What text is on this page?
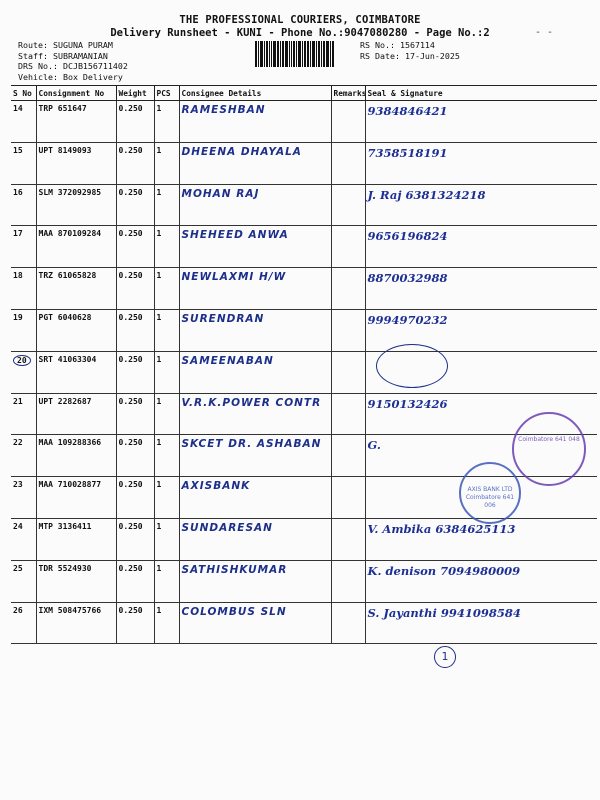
THE PROFESSIONAL COURIERS, COIMBATORE
Delivery Runsheet - KUNI - Phone No.:9047080280 - Page No.:2	- -
Route: SUGUNA PURAM
Staff: SUBRAMANIAN
DRS No.: DCJB156711402
Vehicle: Box Delivery
RS No.: 1567114
RS Date: 17-Jun-2025
S No	Consignment No	Weight	PCS	Consignee Details	Remarks	Seal & Signature
14	TRP 651647	0.250	1	RAMESHBAN		9384846421
15	UPT 8149093	0.250	1	DHEENA DHAYALA		7358518191
16	SLM 372092985	0.250	1	MOHAN RAJ		J. Raj 6381324218
17	MAA 870109284	0.250	1	SHEHEED ANWA		9656196824
18	TRZ 61065828	0.250	1	NEWLAXMI H/W		8870032988
19	PGT 6040628	0.250	1	SURENDRAN		9994970232
20	SRT 41063304	0.250	1	SAMEENABAN		

21	UPT 2282687	0.250	1	V.R.K.POWER CONTR		9150132426
22	MAA 109288366	0.250	1	SKCET DR. ASHABAN		G.
23	MAA 710028877	0.250	1	AXISBANK		
24	MTP 3136411	0.250	1	SUNDARESAN		V. Ambika 6384625113
25	TDR 5524930	0.250	1	SATHISHKUMAR		K. denison 7094980009
26	IXM 508475766	0.250	1	COLOMBUS SLN		S. Jayanthi 9941098584
Coimbatore 641 048
AXIS BANK LTD Coimbatore 641 006
1
